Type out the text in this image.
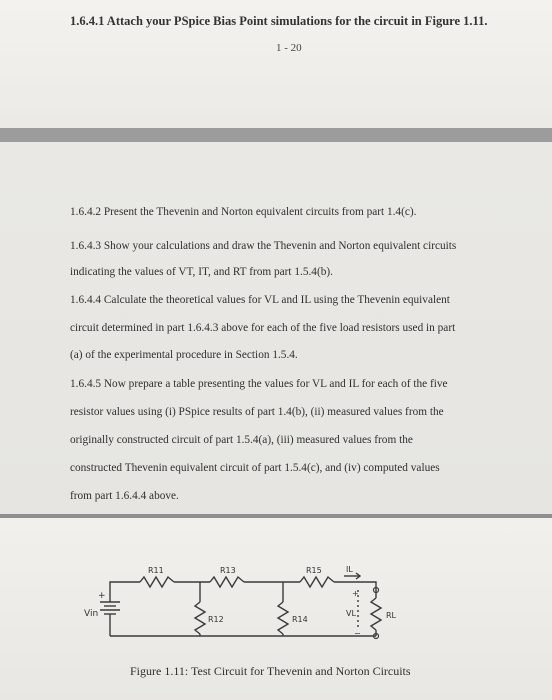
1.6.4.1 Attach your PSpice Bias Point simulations for the circuit in Figure 1.11.
1 - 20
1.6.4.2 Present the Thevenin and Norton equivalent circuits from part 1.4(c).
1.6.4.3 Show your calculations and draw the Thevenin and Norton equivalent circuits
indicating the values of VT, IT, and RT from part 1.5.4(b).
1.6.4.4 Calculate the theoretical values for VL and IL using the Thevenin equivalent
circuit determined in part 1.6.4.3 above for each of the five load resistors used in part
(a) of the experimental procedure in Section 1.5.4.
1.6.4.5 Now prepare a table presenting the values for VL and IL for each of the five
resistor values using (i) PSpice results of part 1.4(b), (ii) measured values from the
originally constructed circuit of part 1.5.4(a), (iii) measured values from the
constructed Thevenin equivalent circuit of part 1.5.4(c), and (iv) computed values
from part 1.6.4.4 above.
Vin
+
R11
R12
R13
R14
R15	IL
+
VL
−
RL
Figure 1.11: Test Circuit for Thevenin and Norton Circuits
